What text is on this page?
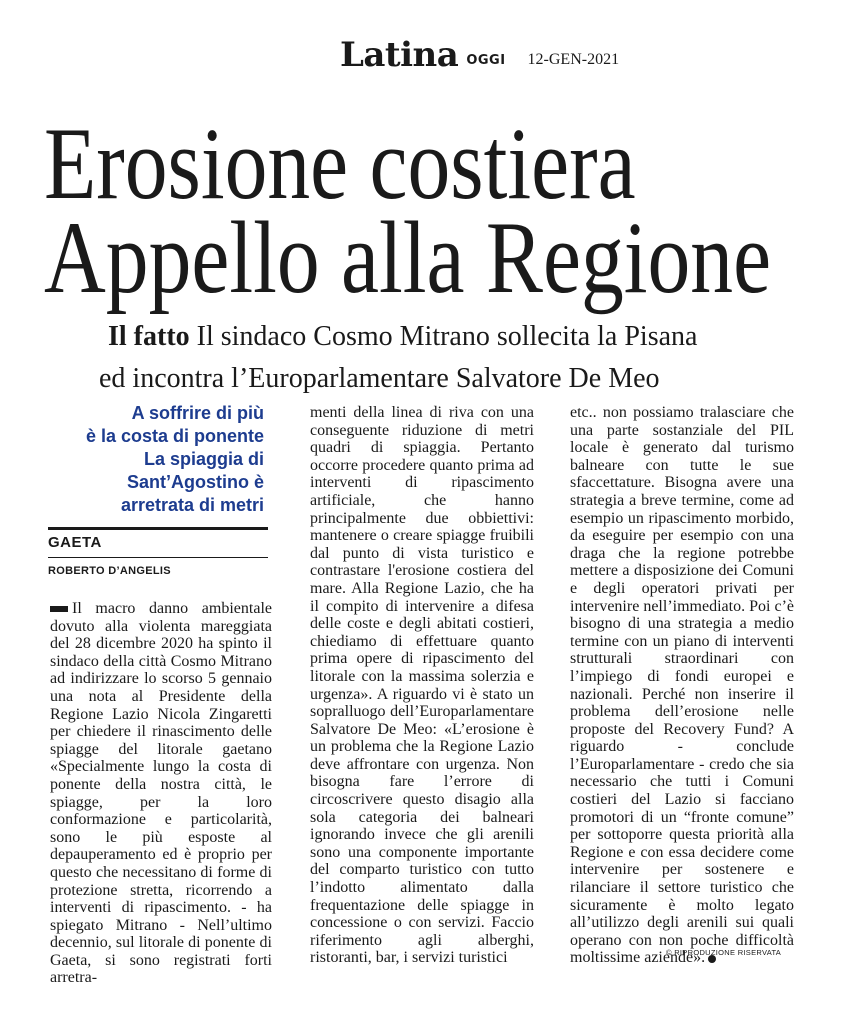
Latina OGGI 12-GEN-2021
Erosione costiera
Appello alla Regione
Il fatto Il sindaco Cosmo Mitrano sollecita la Pisana
ed incontra l’Europarlamentare Salvatore De Meo
A soffrire di più
è la costa di ponente
La spiaggia di
Sant’Agostino è
arretrata di metri
GAETA
ROBERTO D’ANGELIS
Il macro danno ambientale dovuto alla violenta mareggiata del 28 dicembre 2020 ha spinto il sindaco della città Cosmo Mitrano ad indirizzare lo scorso 5 gennaio una nota al Presidente della Regione Lazio Nicola Zingaretti per chiedere il rinascimento delle spiagge del litorale gaetano «Specialmente lungo la costa di ponente della nostra città, le spiagge, per la loro conformazione e particolarità, sono le più esposte al depauperamento ed è proprio per questo che necessitano di forme di protezione stretta, ricorrendo a interventi di ripascimento. - ha spiegato Mitrano - Nell’ultimo decennio, sul litorale di ponente di Gaeta, si sono registrati forti arretra-
menti della linea di riva con una conseguente riduzione di metri quadri di spiaggia. Pertanto occorre procedere quanto prima ad interventi di ripascimento artificiale, che hanno principalmente due obbiettivi: mantenere o creare spiagge fruibili dal punto di vista turistico e contrastare l'erosione costiera del mare. Alla Regione Lazio, che ha il compito di intervenire a difesa delle coste e degli abitati costieri, chiediamo di effettuare quanto prima opere di ripascimento del litorale con la massima solerzia e urgenza». A riguardo vi è stato un sopralluogo dell’Europarlamentare Salvatore De Meo: «L’erosione è un problema che la Regione Lazio deve affrontare con urgenza. Non bisogna fare l’errore di circoscrivere questo disagio alla sola categoria dei balneari ignorando invece che gli arenili sono una componente importante del comparto turistico con tutto l’indotto alimentato dalla frequentazione delle spiagge in concessione o con servizi. Faccio riferimento agli alberghi, ristoranti, bar, i servizi turistici
etc.. non possiamo tralasciare che una parte sostanziale del PIL locale è generato dal turismo balneare con tutte le sue sfaccettature. Bisogna avere una strategia a breve termine, come ad esempio un ripascimento morbido, da eseguire per esempio con una draga che la regione potrebbe mettere a disposizione dei Comuni e degli operatori privati per intervenire nell’immediato. Poi c’è bisogno di una strategia a medio termine con un piano di interventi strutturali straordinari con l’impiego di fondi europei e nazionali. Perché non inserire il problema dell’erosione nelle proposte del Recovery Fund? A riguardo - conclude l’Europarlamentare - credo che sia necessario che tutti i Comuni costieri del Lazio si facciano promotori di un “fronte comune” per sottoporre questa priorità alla Regione e con essa decidere come intervenire per sostenere e rilanciare il settore turistico che sicuramente è molto legato all’utilizzo degli arenili sui quali operano con non poche difficoltà moltissime aziende».
© RIPRODUZIONE RISERVATA
